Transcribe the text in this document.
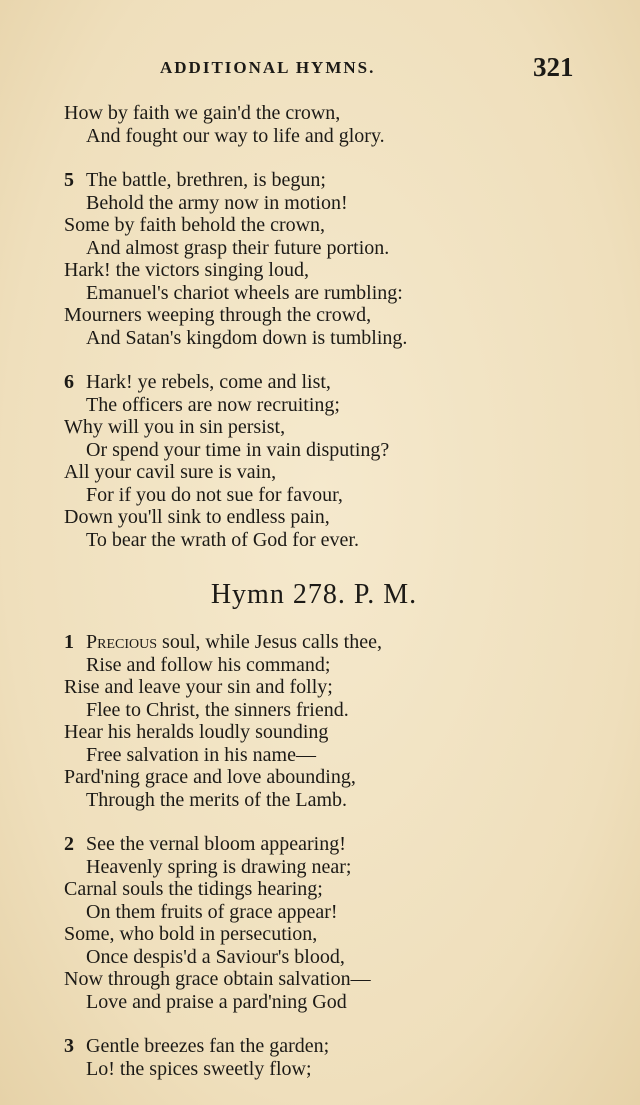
ADDITIONAL HYMNS.	321
How by faith we gain'd the crown,
And fought our way to life and glory.
5 The battle, brethren, is begun;
Behold the army now in motion!
Some by faith behold the crown,
And almost grasp their future portion.
Hark! the victors singing loud,
Emanuel's chariot wheels are rumbling:
Mourners weeping through the crowd,
And Satan's kingdom down is tumbling.
6 Hark! ye rebels, come and list,
The officers are now recruiting;
Why will you in sin persist,
Or spend your time in vain disputing?
All your cavil sure is vain,
For if you do not sue for favour,
Down you'll sink to endless pain,
To bear the wrath of God for ever.
Hymn 278. P. M.
1 Precious soul, while Jesus calls thee,
Rise and follow his command;
Rise and leave your sin and folly;
Flee to Christ, the sinners friend.
Hear his heralds loudly sounding
Free salvation in his name—
Pard'ning grace and love abounding,
Through the merits of the Lamb.
2 See the vernal bloom appearing!
Heavenly spring is drawing near;
Carnal souls the tidings hearing;
On them fruits of grace appear!
Some, who bold in persecution,
Once despis'd a Saviour's blood,
Now through grace obtain salvation—
Love and praise a pard'ning God
3 Gentle breezes fan the garden;
Lo! the spices sweetly flow;
